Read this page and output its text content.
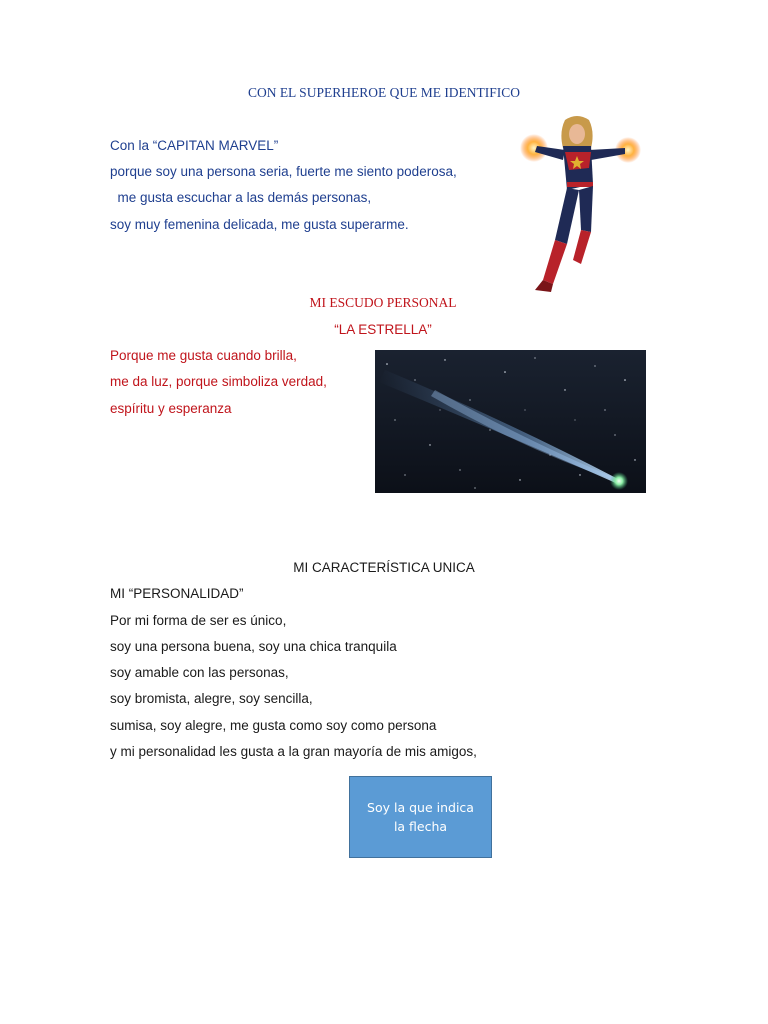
CON EL SUPERHEROE QUE ME IDENTIFICO
Con la “CAPITAN MARVEL”
porque soy una persona seria, fuerte me siento poderosa,
me gusta escuchar a las demás personas,
soy muy femenina delicada, me gusta superarme.
MI ESCUDO PERSONAL
“LA ESTRELLA”
Porque me gusta cuando brilla,
me da luz, porque simboliza verdad,
espíritu y esperanza
MI CARACTERÍSTICA UNICA
MI “PERSONALIDAD”
Por mi forma de ser es único,
soy una persona buena, soy una chica tranquila
soy amable con las personas,
soy bromista, alegre, soy sencilla,
sumisa, soy alegre, me gusta como soy como persona
y mi personalidad les gusta a la gran mayoría de mis amigos,
Soy la que indica la flecha
